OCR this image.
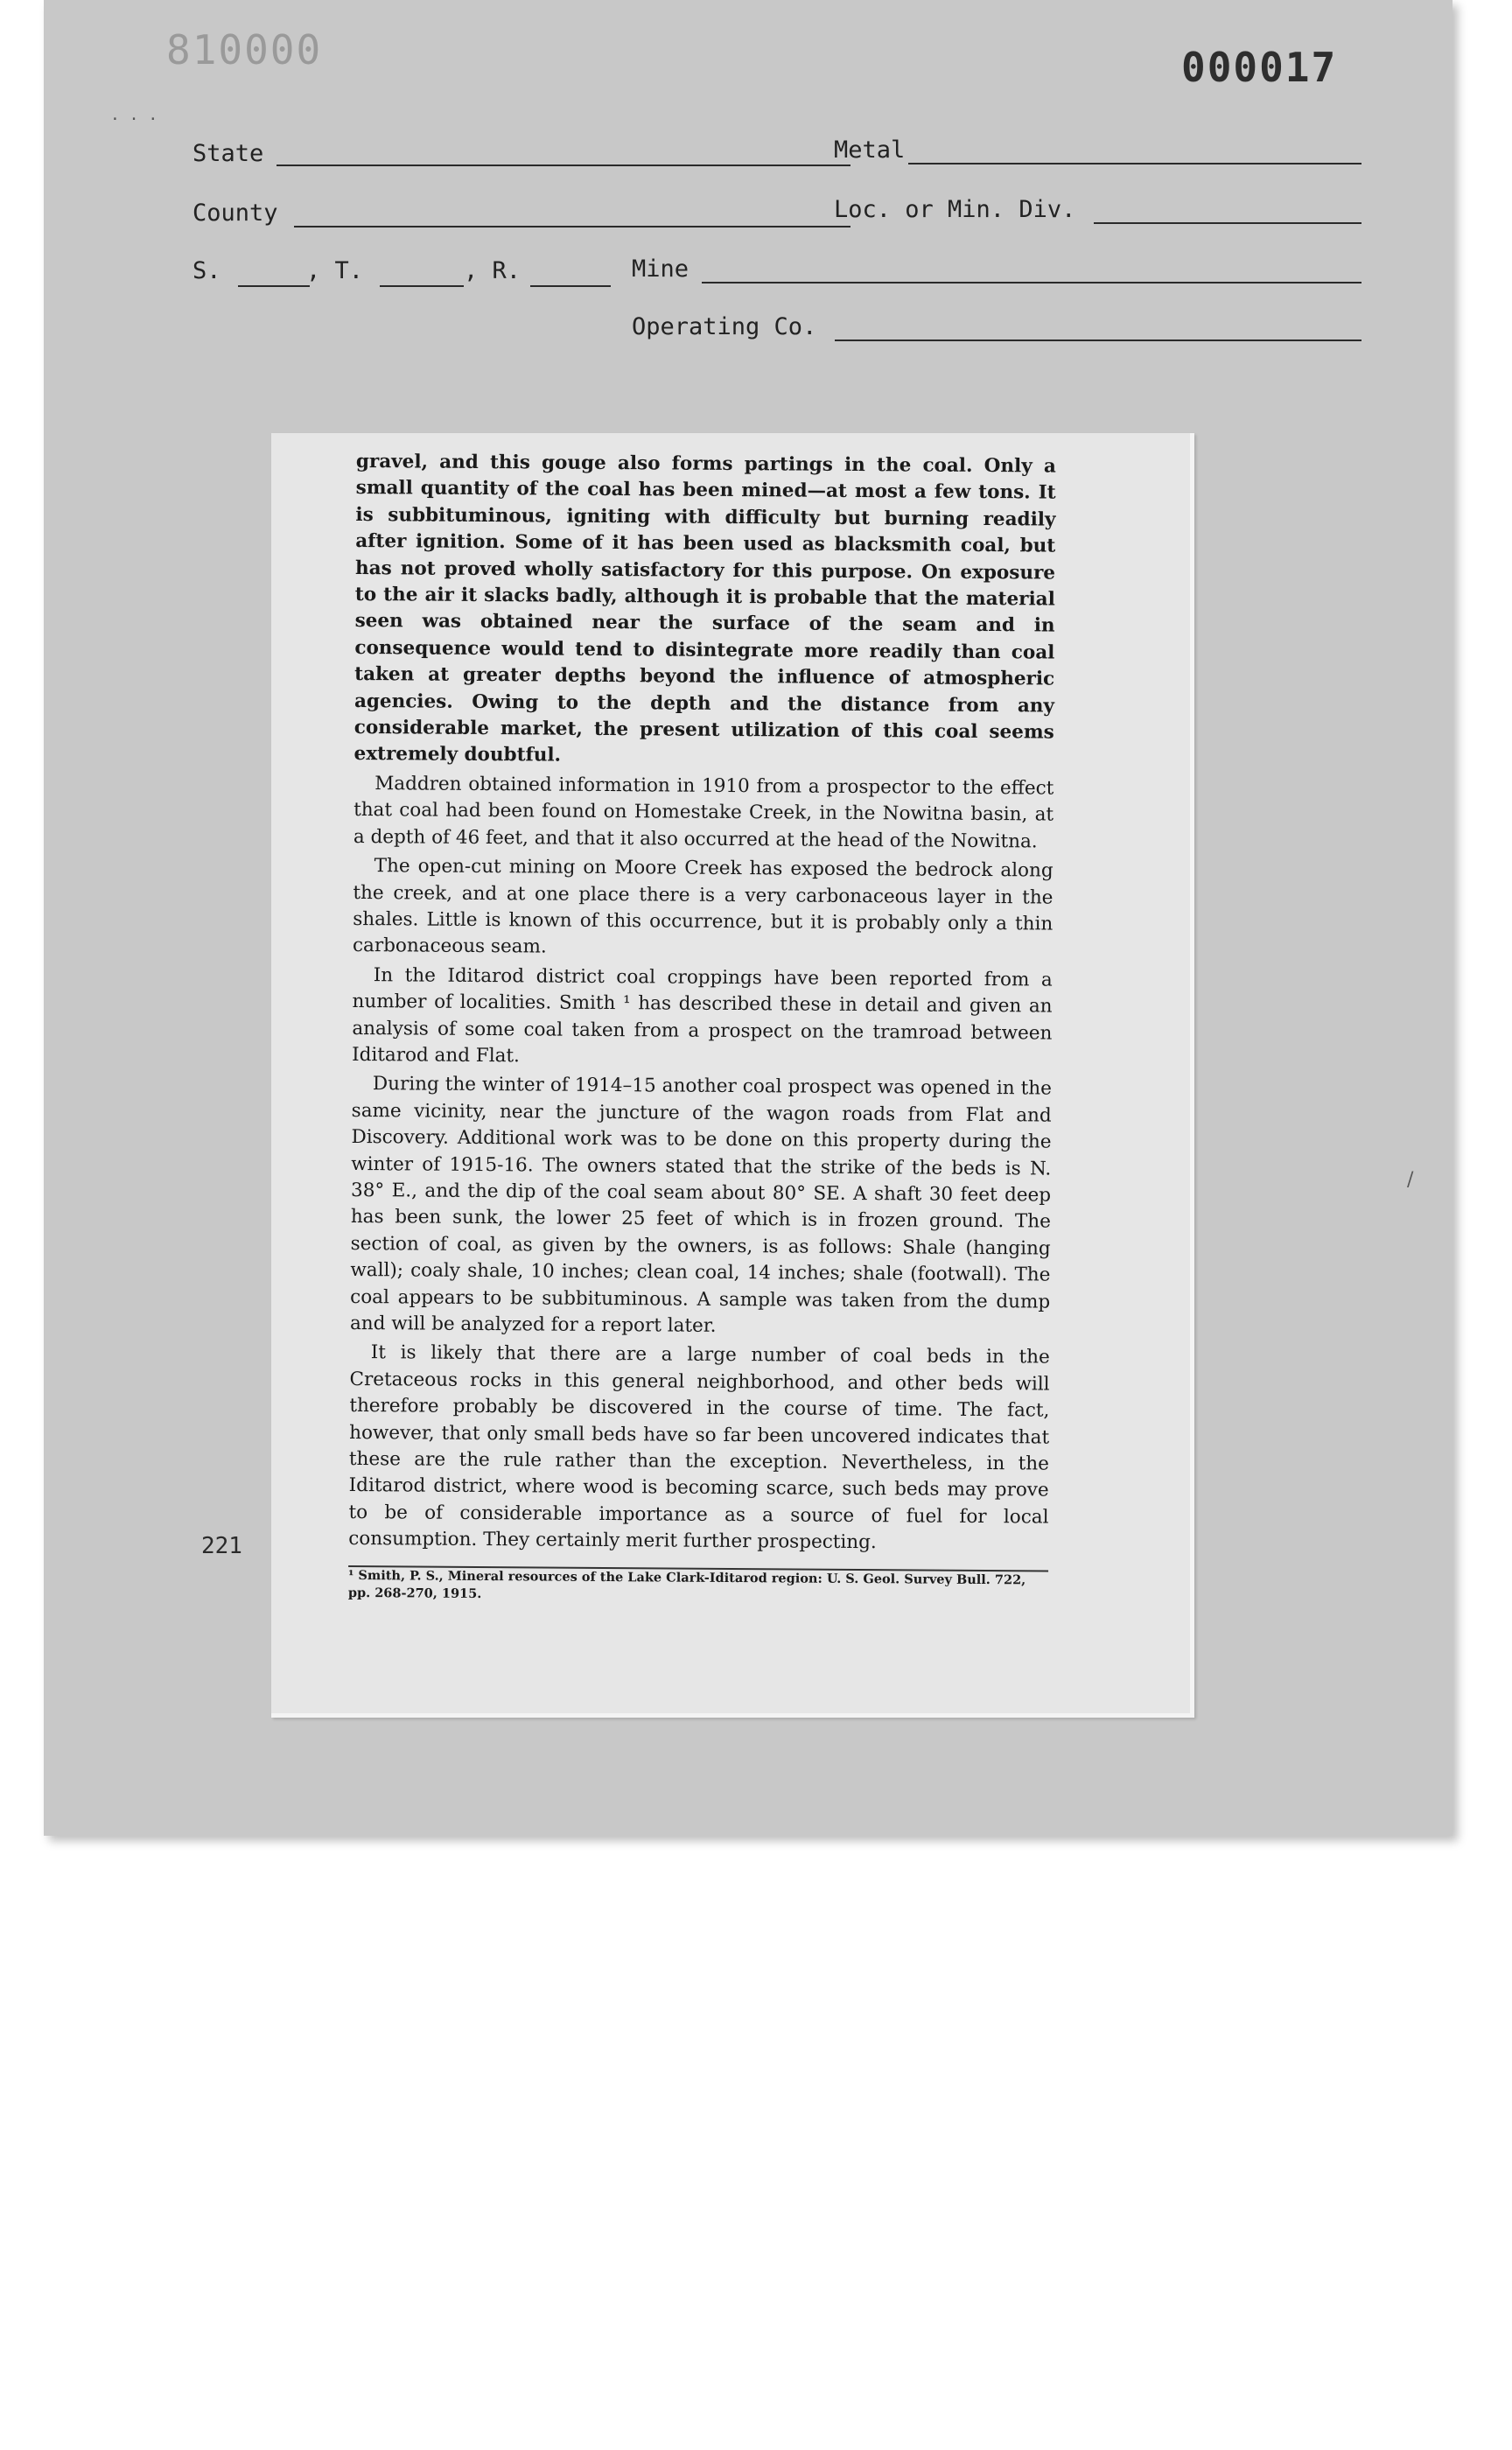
810000	000017
· · ·
State	Metal
County	Loc. or Min. Div.
S.	, T.	, R.	Mine
Operating Co.
221
/

gravel, and this gouge also forms partings in the coal. Only a small quantity of the coal has been mined—at most a few tons. It is subbituminous, igniting with difficulty but burning readily after ignition. Some of it has been used as blacksmith coal, but has not proved wholly satisfactory for this purpose. On exposure to the air it slacks badly, although it is probable that the material seen was obtained near the surface of the seam and in consequence would tend to disintegrate more readily than coal taken at greater depths beyond the influence of atmospheric agencies. Owing to the depth and the distance from any considerable market, the present utilization of this coal seems extremely doubtful.

Maddren obtained information in 1910 from a prospector to the effect that coal had been found on Homestake Creek, in the Nowitna basin, at a depth of 46 feet, and that it also occurred at the head of the Nowitna.

The open-cut mining on Moore Creek has exposed the bedrock along the creek, and at one place there is a very carbonaceous layer in the shales. Little is known of this occurrence, but it is probably only a thin carbonaceous seam.

In the Iditarod district coal croppings have been reported from a number of localities. Smith ¹ has described these in detail and given an analysis of some coal taken from a prospect on the tramroad between Iditarod and Flat.

During the winter of 1914–15 another coal prospect was opened in the same vicinity, near the juncture of the wagon roads from Flat and Discovery. Additional work was to be done on this property during the winter of 1915-16. The owners stated that the strike of the beds is N. 38° E., and the dip of the coal seam about 80° SE. A shaft 30 feet deep has been sunk, the lower 25 feet of which is in frozen ground. The section of coal, as given by the owners, is as follows: Shale (hanging wall); coaly shale, 10 inches; clean coal, 14 inches; shale (footwall). The coal appears to be subbituminous. A sample was taken from the dump and will be analyzed for a report later.

It is likely that there are a large number of coal beds in the Cretaceous rocks in this general neighborhood, and other beds will therefore probably be discovered in the course of time. The fact, however, that only small beds have so far been uncovered indicates that these are the rule rather than the exception. Nevertheless, in the Iditarod district, where wood is becoming scarce, such beds may prove to be of considerable importance as a source of fuel for local consumption. They certainly merit further prospecting.

¹ Smith, P. S., Mineral resources of the Lake Clark-Iditarod region: U. S. Geol. Survey Bull. 722, pp. 268-270, 1915.
